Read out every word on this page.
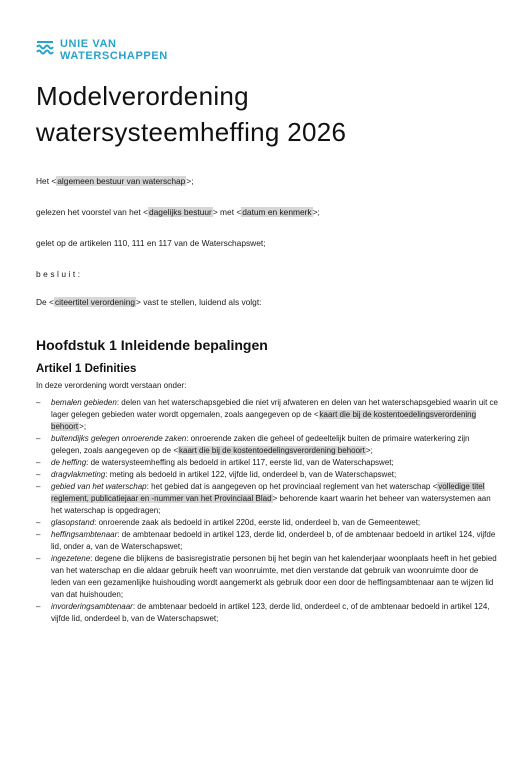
UNIE VAN
WATERSCHAPPEN
Modelverordening
watersysteemheffing 2026

Het <algemeen bestuur van waterschap>;

gelezen het voorstel van het <dagelijks bestuur> met <datum en kenmerk>;

gelet op de artikelen 110, 111 en 117 van de Waterschapswet;

besluit:

De <citeertitel verordening> vast te stellen, luidend als volgt:

Hoofdstuk 1 Inleidende bepalingen
Artikel 1 Definities

In deze verordening wordt verstaan onder:

– bemalen gebieden: delen van het waterschapsgebied die niet vrij afwateren en delen van het waterschapsgebied waarin uit ce lager gelegen gebieden water wordt opgemalen, zoals aangegeven op de <kaart die bij de kostentoedelingsverordening behoort>;
– buitendijks gelegen onroerende zaken: onroerende zaken die geheel of gedeeltelijk buiten de primaire waterkering zijn gelegen, zoals aangegeven op de <kaart die bij de kostentoedelingsverordening behoort>;
– de heffing: de watersysteemheffing als bedoeld in artikel 117, eerste lid, van de Waterschapswet;
– dragvlakmeting: meting als bedoeld in artikel 122, vijfde lid, onderdeel b, van de Waterschapswet;
– gebied van het waterschap: het gebied dat is aangegeven op het provinciaal reglement van het waterschap <volledige titel reglement, publicatiejaar en -nummer van het Provinciaal Blad> behorende kaart waarin het beheer van watersystemen aan het waterschap is opgedragen;
– glasopstand: onroerende zaak als bedoeld in artikel 220d, eerste lid, onderdeel b, van de Gemeentewet;
– heffingsambtenaar: de ambtenaar bedoeld in artikel 123, derde lid, onderdeel b, of de ambtenaar bedoeld in artikel 124, vijfde lid, onder a, van de Waterschapswet;
– ingezetene: degene die blijkens de basisregistratie personen bij het begin van het kalenderjaar woonplaats heeft in het gebied van het waterschap en die aldaar gebruik heeft van woonruimte, met dien verstande dat gebruik van woonruimte door de leden van een gezamenlijke huishouding wordt aangemerkt als gebruik door een door de heffingsambtenaar aan te wijzen lid van dat huishouden;
– invorderingsambtenaar: de ambtenaar bedoeld in artikel 123, derde lid, onderdeel c, of de ambtenaar bedoeld in artikel 124, vijfde lid, onderdeel b, van de Waterschapswet;
